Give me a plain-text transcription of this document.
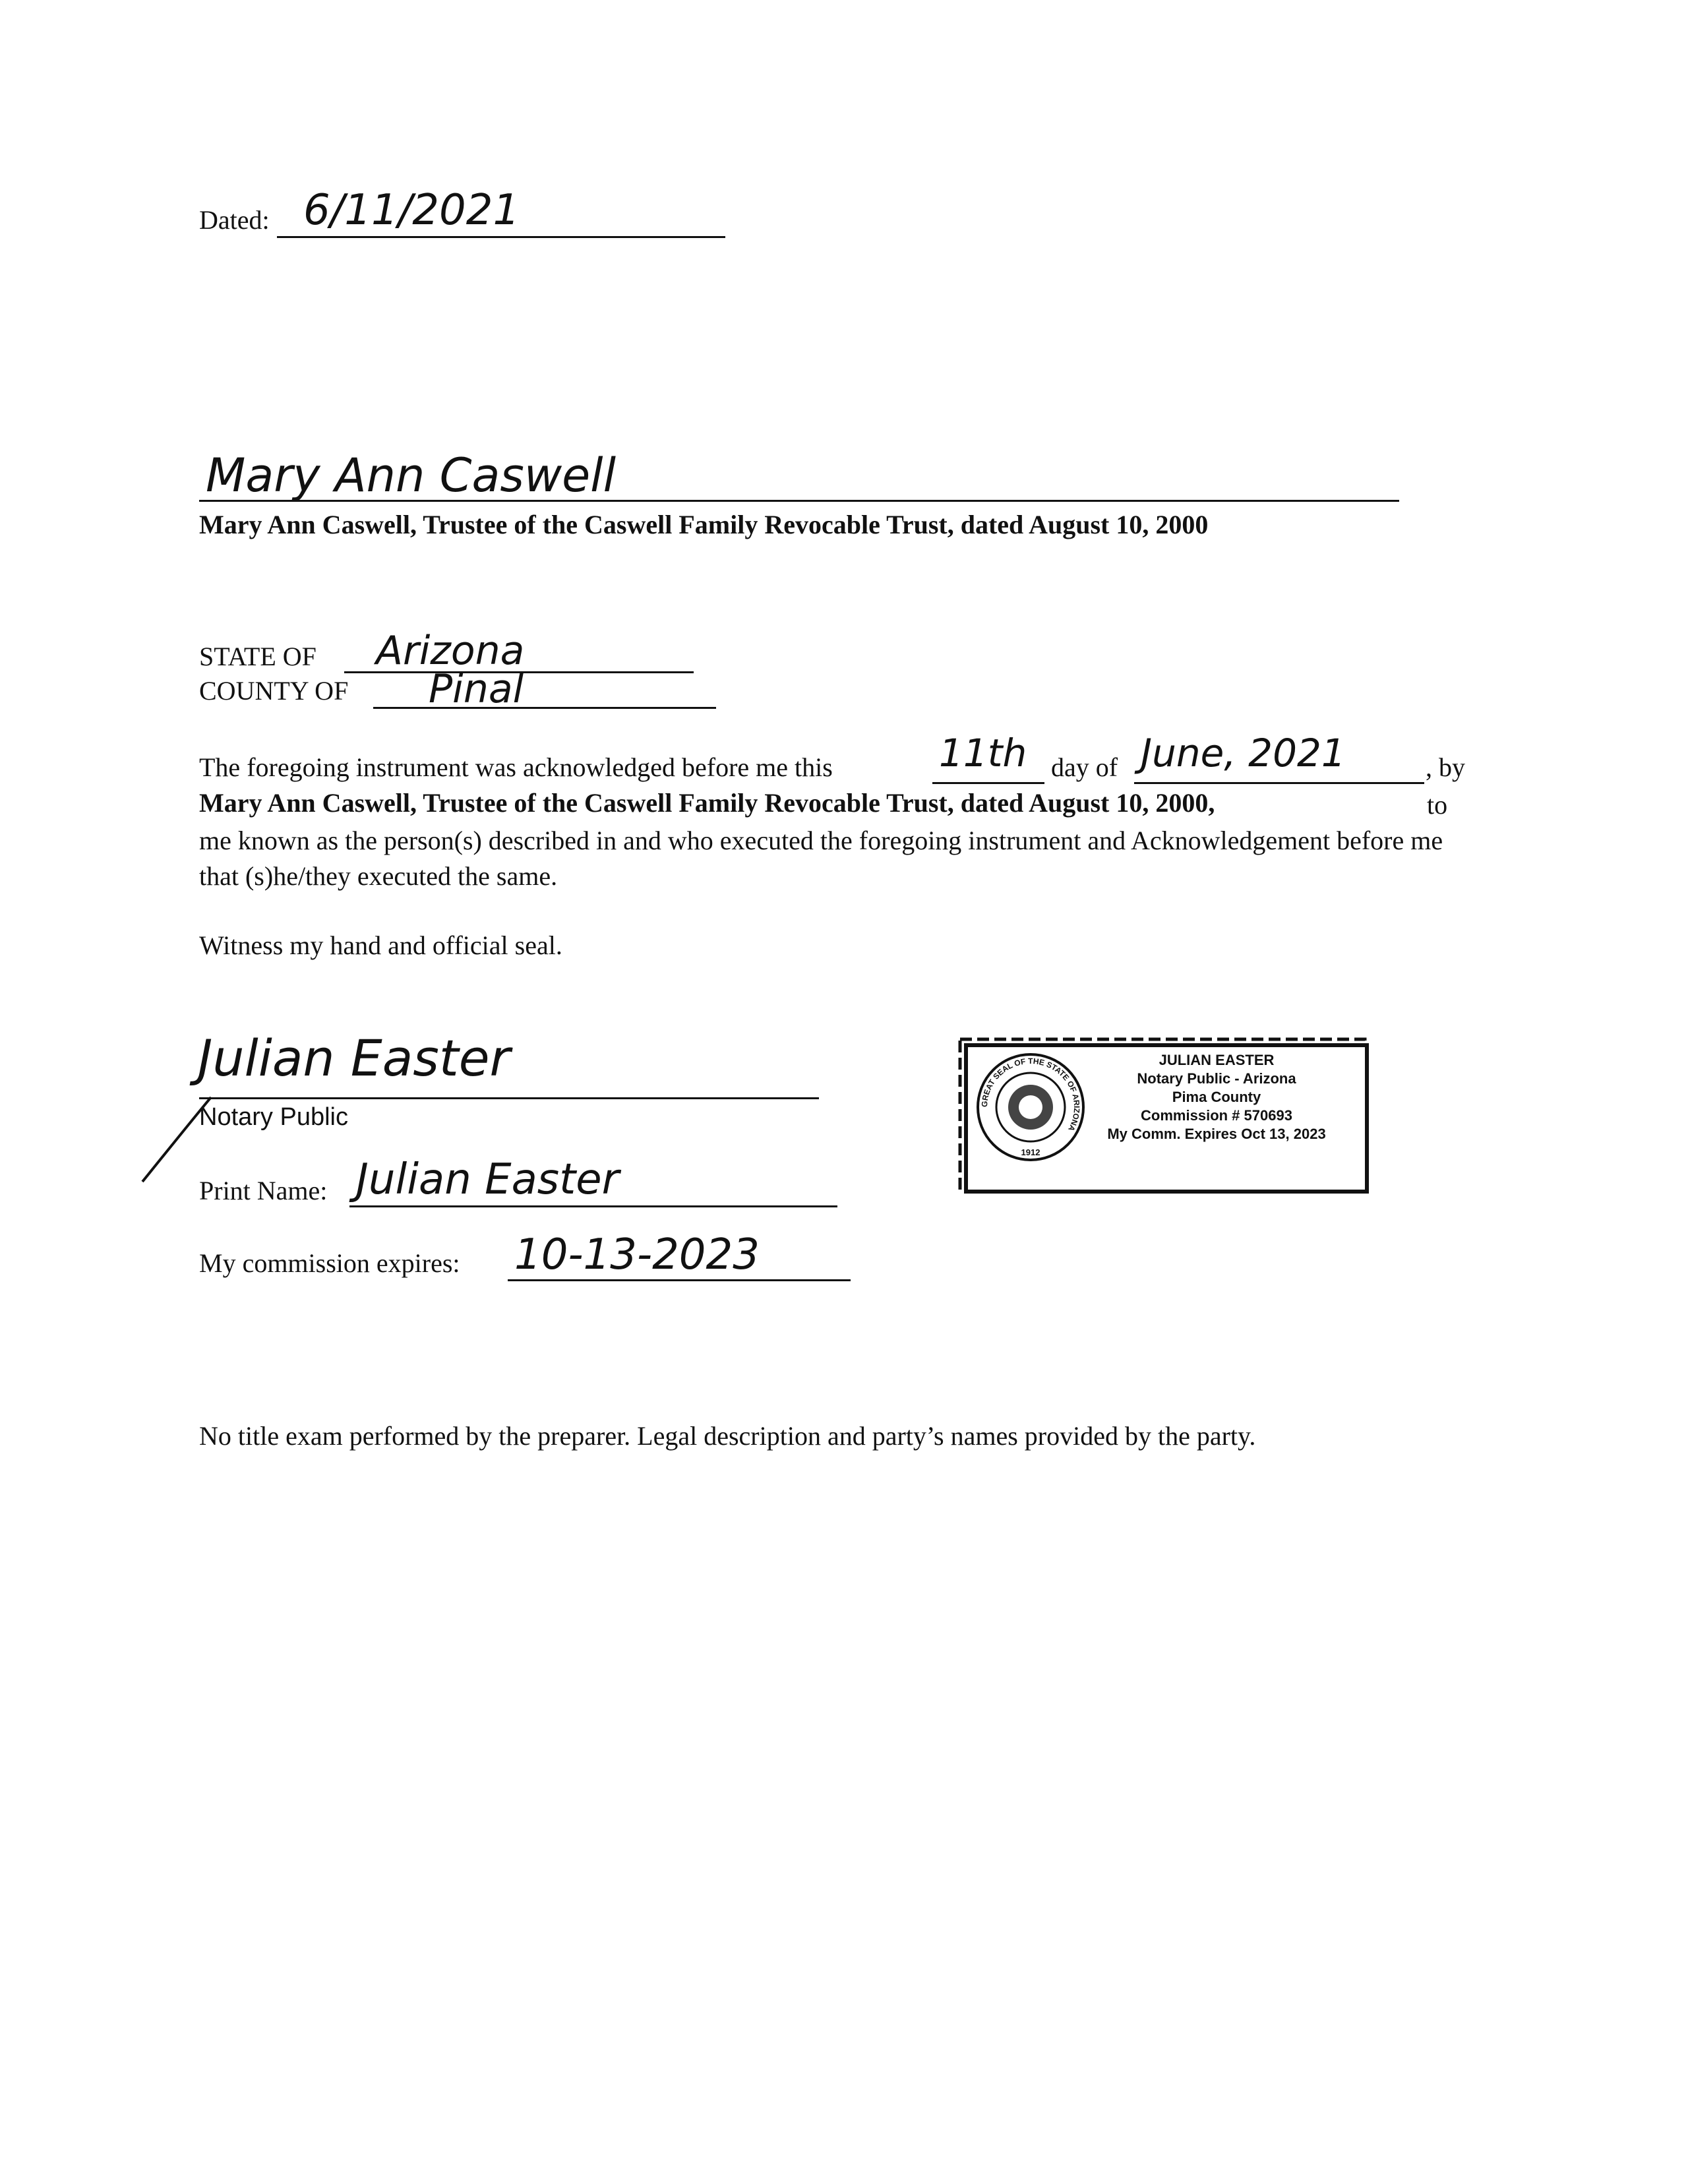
Dated: 6/11/2021
Mary Ann Caswell
Mary Ann Caswell, Trustee of the Caswell Family Revocable Trust, dated August 10, 2000
STATE OF Arizona
COUNTY OF Pinal
The foregoing instrument was acknowledged before me this	11th day of June, 2021	, by
Mary Ann Caswell, Trustee of the Caswell Family Revocable Trust, dated August 10, 2000,	to me known as the person(s) described in and who executed the foregoing instrument and Acknowledgement before me that (s)he/they executed the same.
Witness my hand and official seal.
Julian Easter
Notary Public
Print Name: Julian Easter
My commission expires: 10-13-2023
GREAT SEAL OF THE STATE OF ARIZONA
1912
JULIAN EASTER
Notary Public - Arizona
Pima County
Commission # 570693
My Comm. Expires Oct 13, 2023
No title exam performed by the preparer. Legal description and party’s names provided by the party.
